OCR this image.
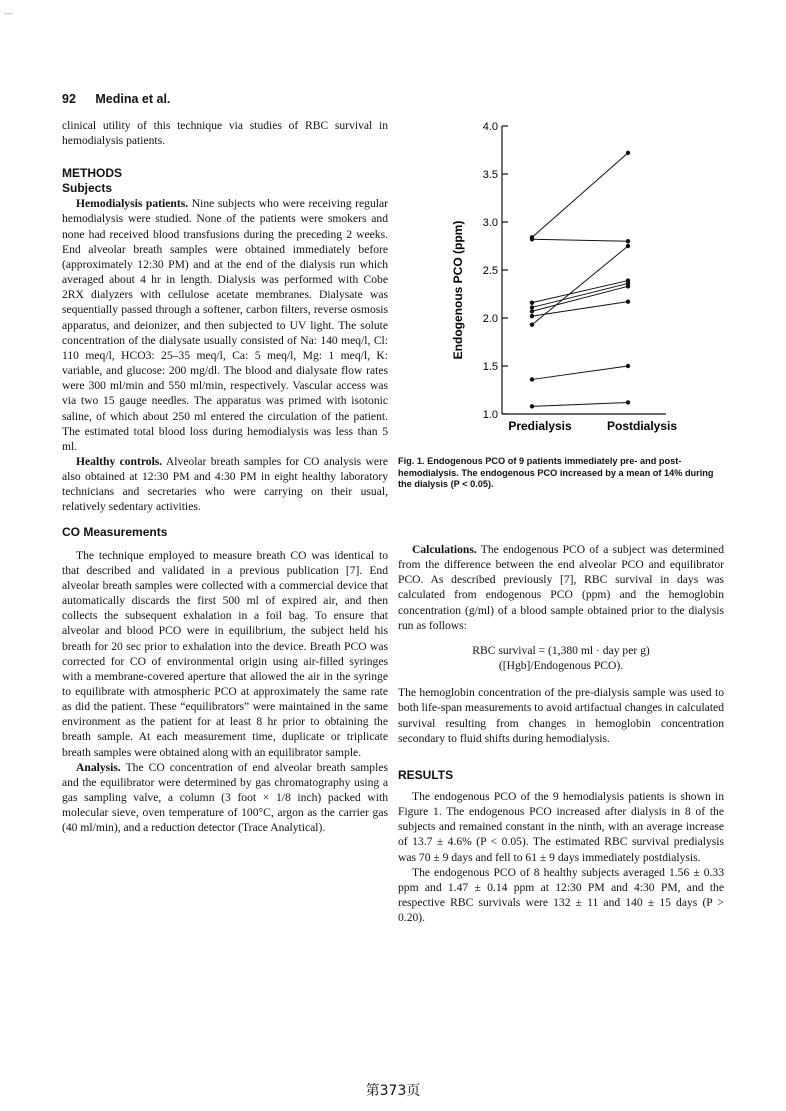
---
92 Medina et al.

clinical utility of this technique via studies of RBC survival in hemodialysis patients.

METHODS
Subjects

Hemodialysis patients. Nine subjects who were receiving regular hemodialysis were studied. None of the patients were smokers and none had received blood transfusions during the preceding 2 weeks. End alveolar breath samples were obtained immediately before (approximately 12:30 PM) and at the end of the dialysis run which averaged about 4 hr in length. Dialysis was performed with Cobe 2RX dialyzers with cellulose acetate membranes. Dialysate was sequentially passed through a softener, carbon filters, reverse osmosis apparatus, and deionizer, and then subjected to UV light. The solute concentration of the dialysate usually consisted of Na: 140 meq/l, Cl: 110 meq/l, HCO3: 25–35 meq/l, Ca: 5 meq/l, Mg: 1 meq/l, K: variable, and glucose: 200 mg/dl. The blood and dialysate flow rates were 300 ml/min and 550 ml/min, respectively. Vascular access was via two 15 gauge needles. The apparatus was primed with isotonic saline, of which about 250 ml entered the circulation of the patient. The estimated total blood loss during hemodialysis was less than 5 ml.

Healthy controls. Alveolar breath samples for CO analysis were also obtained at 12:30 PM and 4:30 PM in eight healthy laboratory technicians and secretaries who were carrying on their usual, relatively sedentary activities.

CO Measurements

The technique employed to measure breath CO was identical to that described and validated in a previous publication [7]. End alveolar breath samples were collected with a commercial device that automatically discards the first 500 ml of expired air, and then collects the subsequent exhalation in a foil bag. To ensure that alveolar and blood PCO were in equilibrium, the subject held his breath for 20 sec prior to exhalation into the device. Breath PCO was corrected for CO of environmental origin using air-filled syringes with a membrane-covered aperture that allowed the air in the syringe to equilibrate with atmospheric PCO at approximately the same rate as did the patient. These “equilibrators” were maintained in the same environment as the patient for at least 8 hr prior to obtaining the breath sample. At each measurement time, duplicate or triplicate breath samples were obtained along with an equilibrator sample.

Analysis. The CO concentration of end alveolar breath samples and the equilibrator were determined by gas chromatography using a gas sampling valve, a column (3 foot × 1/8 inch) packed with molecular sieve, oven temperature of 100°C, argon as the carrier gas (40 ml/min), and a reduction detector (Trace Analytical).

1.0
1.5
2.0
2.5
3.0
3.5
4.0
Predialysis	Postdialysis
Endogenous PCO (ppm)
Fig. 1. Endogenous PCO of 9 patients immediately pre- and post-hemodialysis. The endogenous PCO increased by a mean of 14% during the dialysis (P < 0.05).

Calculations. The endogenous PCO of a subject was determined from the difference between the end alveolar PCO and equilibrator PCO. As described previously [7], RBC survival in days was calculated from endogenous PCO (ppm) and the hemoglobin concentration (g/ml) of a blood sample obtained prior to the dialysis run as follows:

RBC survival = (1,380 ml · day per g)
([Hgb]/Endogenous PCO).

The hemoglobin concentration of the pre-dialysis sample was used to both life-span measurements to avoid artifactual changes in calculated survival resulting from changes in hemoglobin concentration secondary to fluid shifts during hemodialysis.

RESULTS

The endogenous PCO of the 9 hemodialysis patients is shown in Figure 1. The endogenous PCO increased after dialysis in 8 of the subjects and remained constant in the ninth, with an average increase of 13.7 ± 4.6% (P < 0.05). The estimated RBC survival predialysis was 70 ± 9 days and fell to 61 ± 9 days immediately postdialysis.

The endogenous PCO of 8 healthy subjects averaged 1.56 ± 0.33 ppm and 1.47 ± 0.14 ppm at 12:30 PM and 4:30 PM, and the respective RBC survivals were 132 ± 11 and 140 ± 15 days (P > 0.20).

第373页
